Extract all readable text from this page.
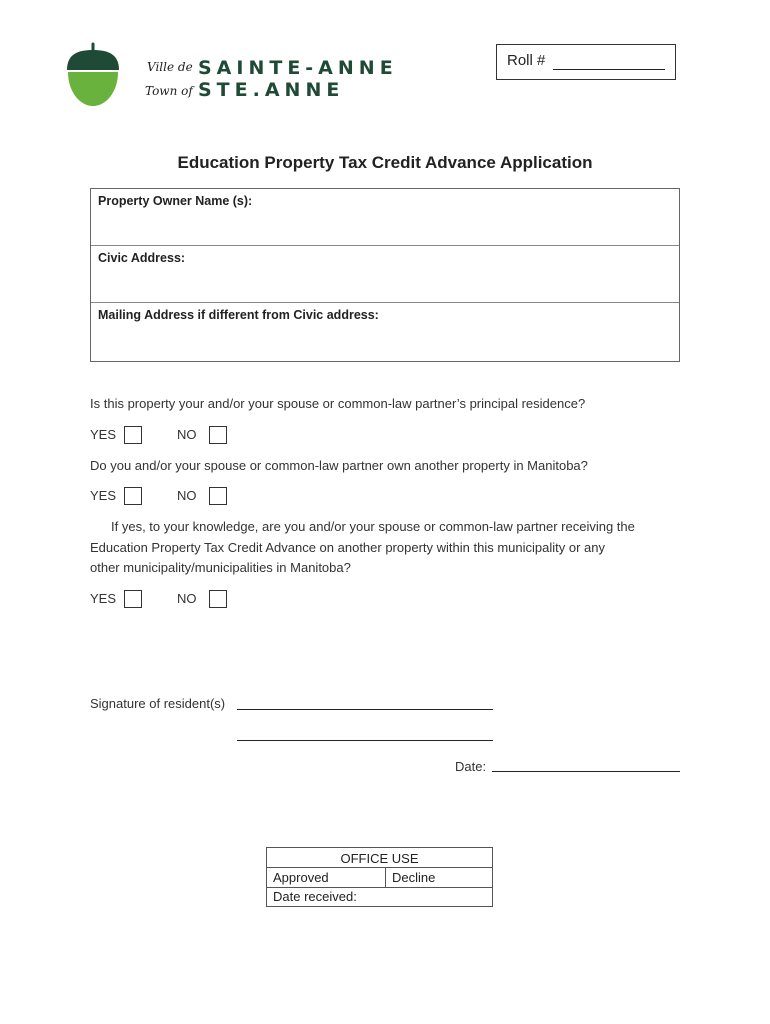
Ville de
Town of
SAINTE-ANNE
STE.ANNE
Roll #
Education Property Tax Credit Advance Application
Property Owner Name (s):
Civic Address:
Mailing Address if different from Civic address:
Is this property your and/or your spouse or common-law partner’s principal residence?
YES	NO
Do you and/or your spouse or common-law partner own another property in Manitoba?
YES	NO
If yes, to your knowledge, are you and/or your spouse or common-law partner receiving the
Education Property Tax Credit Advance on another property within this municipality or any
other municipality/municipalities in Manitoba?
YES	NO
Signature of resident(s)
Date:
OFFICE USE
Approved	Decline
Date received:
